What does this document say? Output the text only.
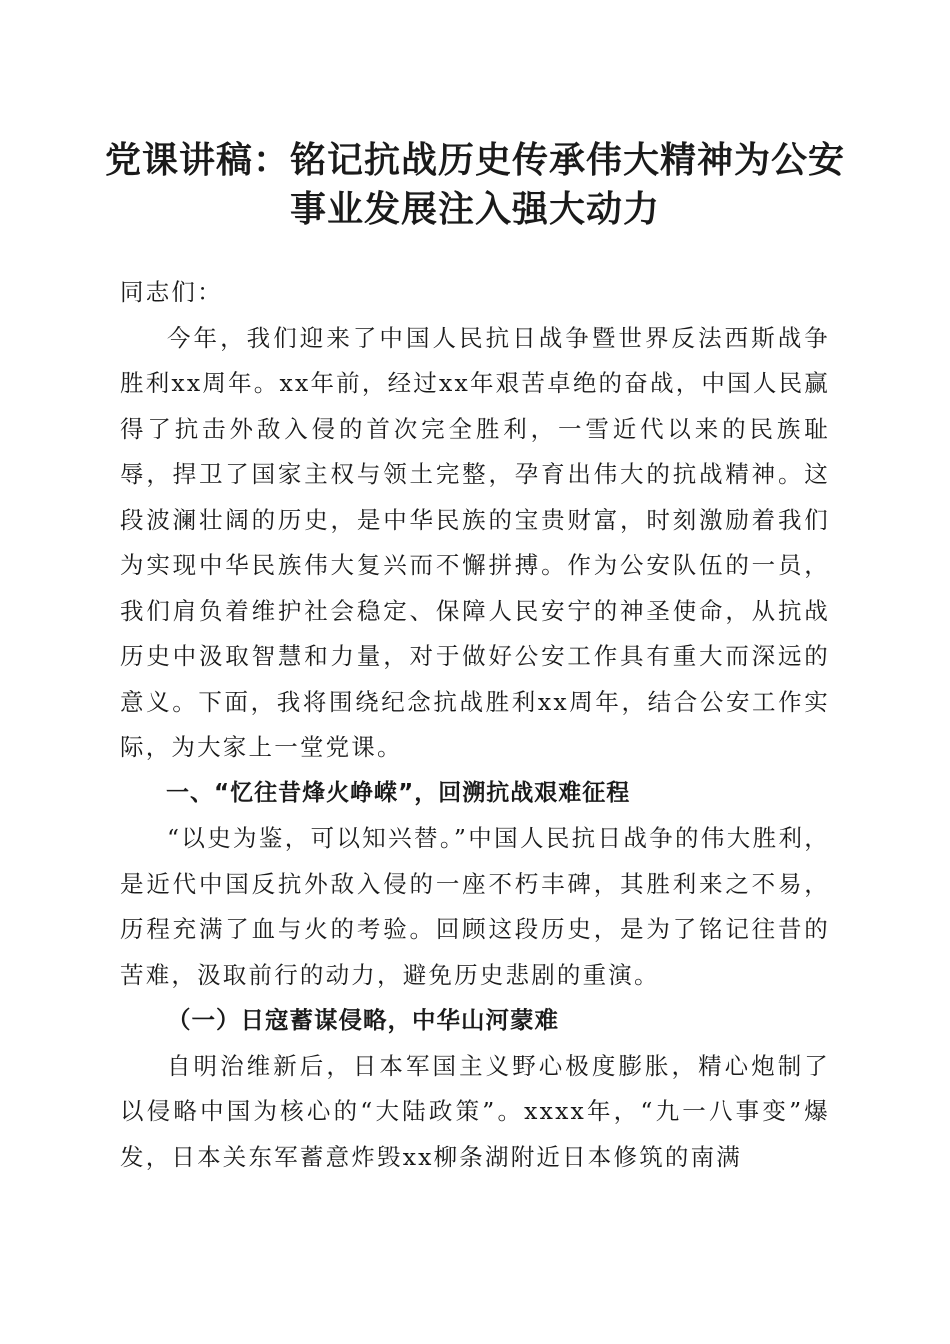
党课讲稿：铭记抗战历史传承伟大精神为公安
事业发展注入强大动力

同志们：

今年，我们迎来了中国人民抗日战争暨世界反法西斯战争胜利xx周年。xx年前，经过xx年艰苦卓绝的奋战，中国人民赢得了抗击外敌入侵的首次完全胜利，一雪近代以来的民族耻辱，捍卫了国家主权与领土完整，孕育出伟大的抗战精神。这段波澜壮阔的历史，是中华民族的宝贵财富，时刻激励着我们为实现中华民族伟大复兴而不懈拼搏。作为公安队伍的一员，我们肩负着维护社会稳定、保障人民安宁的神圣使命，从抗战历史中汲取智慧和力量，对于做好公安工作具有重大而深远的意义。下面，我将围绕纪念抗战胜利xx周年，结合公安工作实际，为大家上一堂党课。

一、“忆往昔烽火峥嵘”，回溯抗战艰难征程

“以史为鉴，可以知兴替。”中国人民抗日战争的伟大胜利，是近代中国反抗外敌入侵的一座不朽丰碑，其胜利来之不易，历程充满了血与火的考验。回顾这段历史，是为了铭记往昔的苦难，汲取前行的动力，避免历史悲剧的重演。

（一）日寇蓄谋侵略，中华山河蒙难

自明治维新后，日本军国主义野心极度膨胀，精心炮制了以侵略中国为核心的“大陆政策”。xxxx年，“九一八事变”爆发，日本关东军蓄意炸毁xx柳条湖附近日本修筑的南满
